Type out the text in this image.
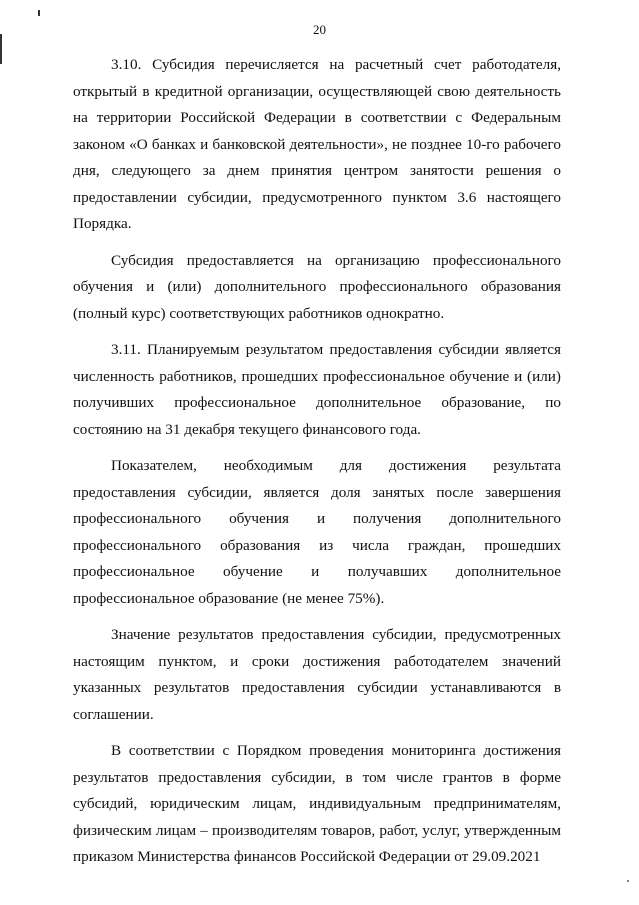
20

3.10. Субсидия перечисляется на расчетный счет работодателя, открытый в кредитной организации, осуществляющей свою деятельность на территории Российской Федерации в соответствии с Федеральным законом «О банках и банковской деятельности», не позднее 10-го рабочего дня, следующего за днем принятия центром занятости решения о предоставлении субсидии, предусмотренного пунктом 3.6 настоящего Порядка.

Субсидия предоставляется на организацию профессионального обучения и (или) дополнительного профессионального образования (полный курс) соответствующих работников однократно.

3.11. Планируемым результатом предоставления субсидии является численность работников, прошедших профессиональное обучение и (или) получивших профессиональное дополнительное образование, по состоянию на 31 декабря текущего финансового года.

Показателем, необходимым для достижения результата предоставления субсидии, является доля занятых после завершения профессионального обучения и получения дополнительного профессионального образования из числа граждан, прошедших профессиональное обучение и получавших дополнительное профессиональное образование (не менее 75%).

Значение результатов предоставления субсидии, предусмотренных настоящим пунктом, и сроки достижения работодателем значений указанных результатов предоставления субсидии устанавливаются в соглашении.

В соответствии с Порядком проведения мониторинга достижения результатов предоставления субсидии, в том числе грантов в форме субсидий, юридическим лицам, индивидуальным предпринимателям, физическим лицам – производителям товаров, работ, услуг, утвержденным приказом Министерства финансов Российской Федерации от 29.09.2021
